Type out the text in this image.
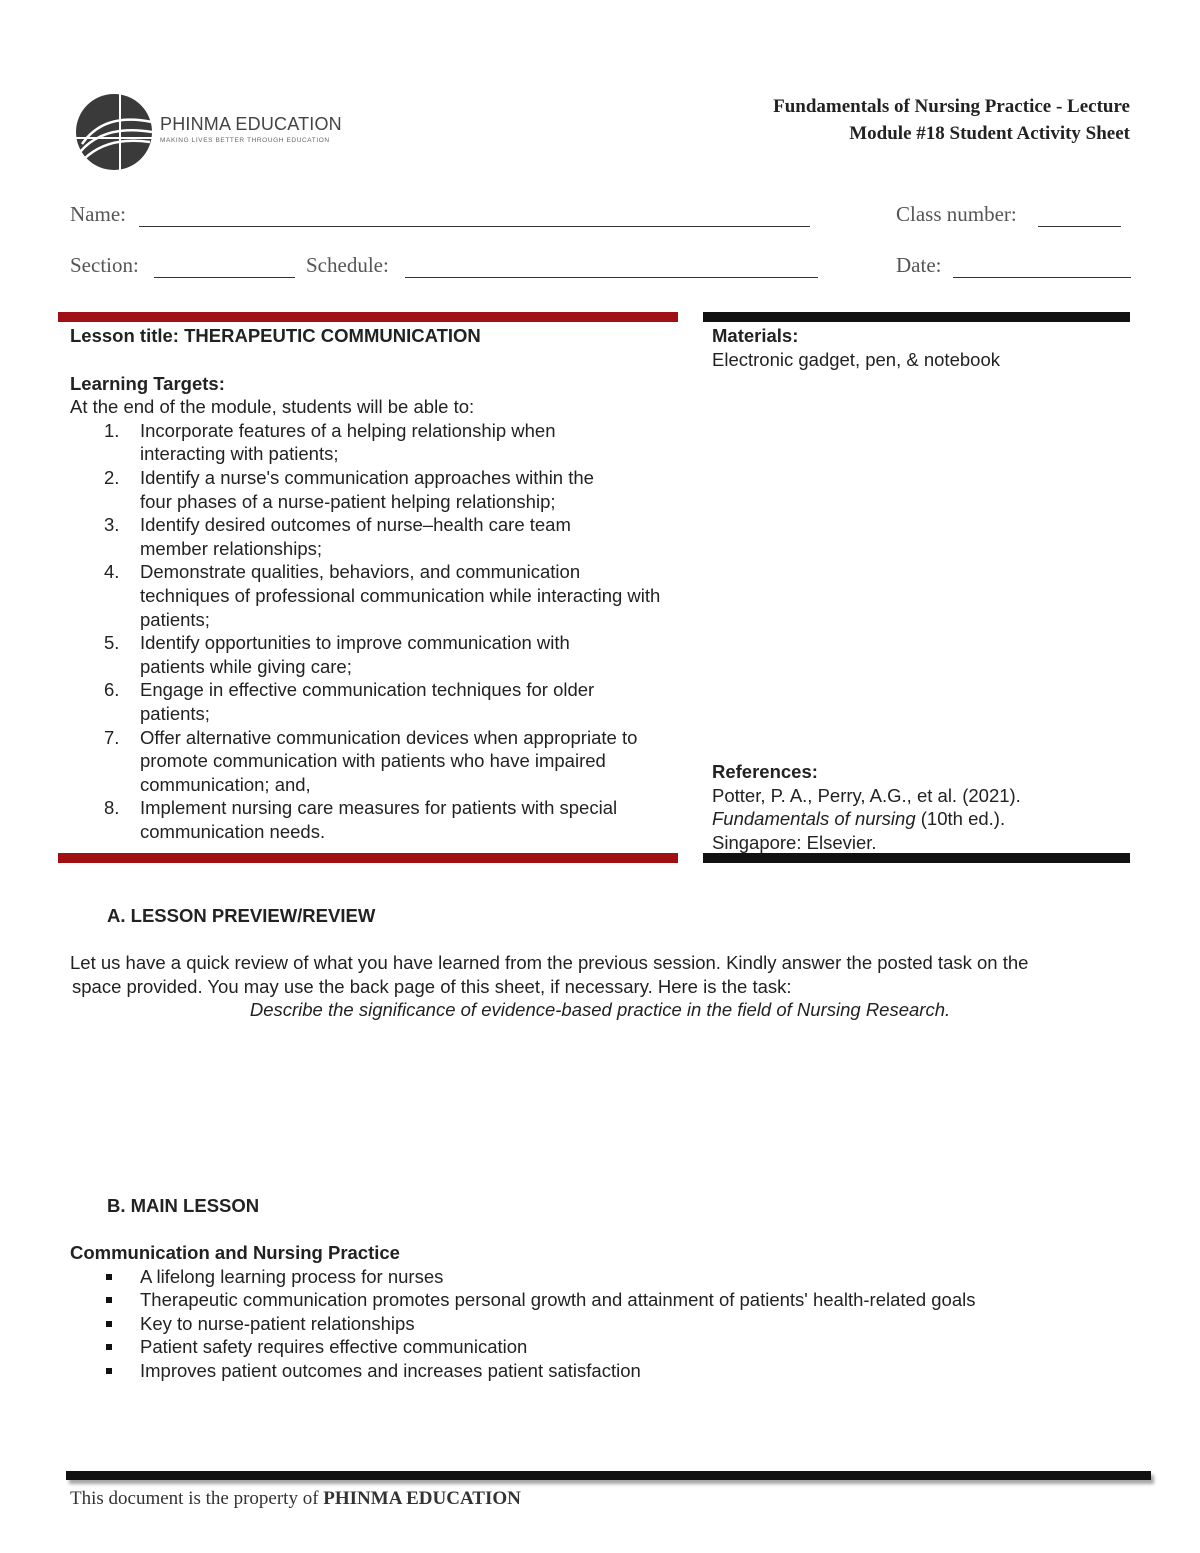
PHINMA EDUCATION
MAKING LIVES BETTER THROUGH EDUCATION
Fundamentals of Nursing Practice - Lecture
Module #18 Student Activity Sheet
Name:	Class number:
Section:	Schedule:	Date:
Lesson title: THERAPEUTIC COMMUNICATION
Learning Targets:
At the end of the module, students will be able to:
1. Incorporate features of a helping relationship when interacting with patients;
2. Identify a nurse's communication approaches within the four phases of a nurse-patient helping relationship;
3. Identify desired outcomes of nurse–health care team member relationships;
4. Demonstrate qualities, behaviors, and communication techniques of professional communication while interacting with patients;
5. Identify opportunities to improve communication with patients while giving care;
6. Engage in effective communication techniques for older patients;
7. Offer alternative communication devices when appropriate to promote communication with patients who have impaired communication; and,
8. Implement nursing care measures for patients with special communication needs.
Materials:
Electronic gadget, pen, & notebook
References:
Potter, P. A., Perry, A.G., et al. (2021).
Fundamentals of nursing (10th ed.).
Singapore: Elsevier.
A. LESSON PREVIEW/REVIEW
Let us have a quick review of what you have learned from the previous session. Kindly answer the posted task on the
space provided. You may use the back page of this sheet, if necessary. Here is the task:
Describe the significance of evidence-based practice in the field of Nursing Research.
B. MAIN LESSON
Communication and Nursing Practice
A lifelong learning process for nurses
Therapeutic communication promotes personal growth and attainment of patients' health-related goals
Key to nurse-patient relationships
Patient safety requires effective communication
Improves patient outcomes and increases patient satisfaction
This document is the property of PHINMA EDUCATION
